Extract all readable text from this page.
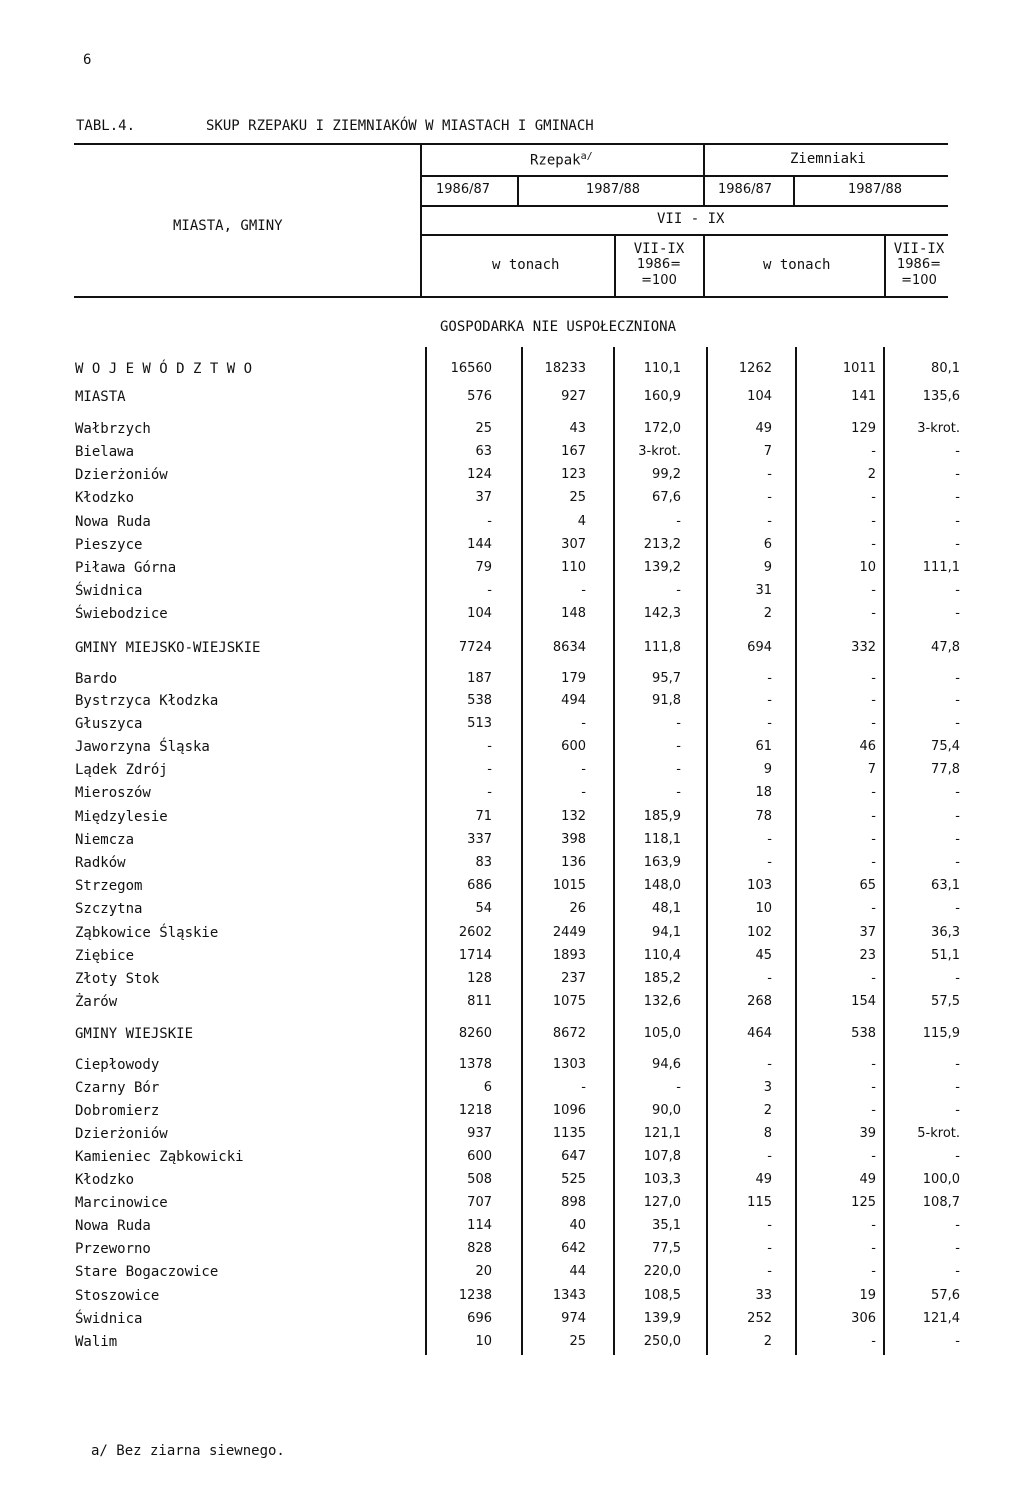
6
TABL.4.	SKUP RZEPAKU I ZIEMNIAKÓW W MIASTACH I GMINACH
MIASTA, GMINY
Rzepak$^{a/}$	Ziemniaki
1986/87	1987/88	1986/87	1987/88
VII - IX
w tonach
VII-IX
1986=
=100
w tonach
VII-IX
1986=
=100
GOSPODARKA NIE USPOŁECZNIONA
W O J E W Ó D Z T W O	16560	18233	110,1	1262	1011	80,1
MIASTA	576	927	160,9	104	141	135,6
Wałbrzych	25	43	172,0	49	129	3-krot.
Bielawa	63	167	3-krot.	7	-	-
Dzierżoniów	124	123	99,2	-	2	-
Kłodzko	37	25	67,6	-	-	-
Nowa Ruda	-	4	-	-	-	-
Pieszyce	144	307	213,2	6	-	-
Piława Górna	79	110	139,2	9	10	111,1
Świdnica	-	-	-	31	-	-
Świebodzice	104	148	142,3	2	-	-
GMINY MIEJSKO-WIEJSKIE	7724	8634	111,8	694	332	47,8
Bardo	187	179	95,7	-	-	-
Bystrzyca Kłodzka	538	494	91,8	-	-	-
Głuszyca	513	-	-	-	-	-
Jaworzyna Śląska	-	600	-	61	46	75,4
Lądek Zdrój	-	-	-	9	7	77,8
Mieroszów	-	-	-	18	-	-
Międzylesie	71	132	185,9	78	-	-
Niemcza	337	398	118,1	-	-	-
Radków	83	136	163,9	-	-	-
Strzegom	686	1015	148,0	103	65	63,1
Szczytna	54	26	48,1	10	-	-
Ząbkowice Śląskie	2602	2449	94,1	102	37	36,3
Ziębice	1714	1893	110,4	45	23	51,1
Złoty Stok	128	237	185,2	-	-	-
Żarów	811	1075	132,6	268	154	57,5
GMINY WIEJSKIE	8260	8672	105,0	464	538	115,9
Ciepłowody	1378	1303	94,6	-	-	-
Czarny Bór	6	-	-	3	-	-
Dobromierz	1218	1096	90,0	2	-	-
Dzierżoniów	937	1135	121,1	8	39	5-krot.
Kamieniec Ząbkowicki	600	647	107,8	-	-	-
Kłodzko	508	525	103,3	49	49	100,0
Marcinowice	707	898	127,0	115	125	108,7
Nowa Ruda	114	40	35,1	-	-	-
Przeworno	828	642	77,5	-	-	-
Stare Bogaczowice	20	44	220,0	-	-	-
Stoszowice	1238	1343	108,5	33	19	57,6
Świdnica	696	974	139,9	252	306	121,4
Walim	10	25	250,0	2	-	-
a/ Bez ziarna siewnego.
